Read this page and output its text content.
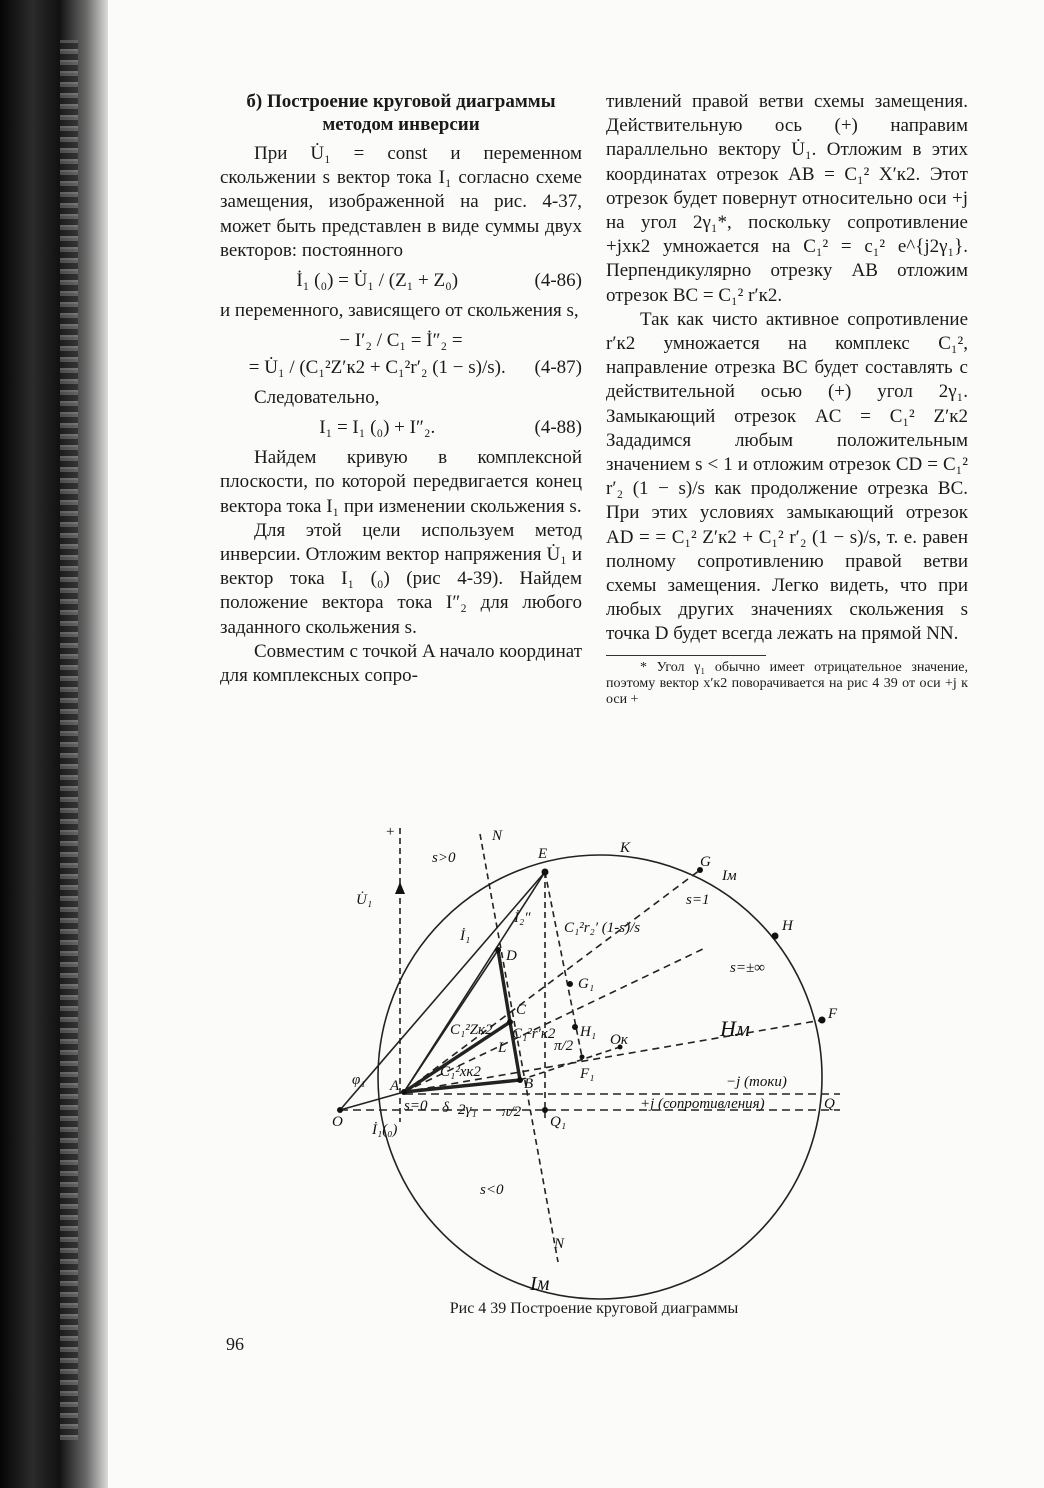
б) Построение круговой диаграммы методом инверсии

При U̇₁ = const и переменном скольжении s вектор тока I₁ согласно схеме замещения, изображенной на рис. 4-37, может быть представлен в виде суммы двух векторов: постоянного

İ₁ (₀) = U̇₁ / (Z₁ + Z₀)	(4-86)

и переменного, зависящего от скольжения s,

− I′₂ / C₁ = İ″₂ =
= U̇₁ / (C₁²Z′к2 + C₁²r′₂ (1 − s)/s).	(4-87)

Следовательно,

I₁ = I₁ (₀) + I″₂.	(4-88)

Найдем кривую в комплексной плоскости, по которой передвигается конец вектора тока I₁ при изменении скольжения s.

Для этой цели используем метод инверсии. Отложим вектор напряжения U̇₁ и вектор тока I₁ (₀) (рис 4-39). Найдем положение вектора тока I″₂ для любого заданного скольжения s.

Совместим с точкой A начало координат для комплексных сопро-

тивлений правой ветви схемы замещения. Действительную ось (+) направим параллельно вектору U̇₁. Отложим в этих координатах отрезок AB = C₁² X′к2. Этот отрезок будет повернут относительно оси +j на угол 2γ₁*, поскольку сопротивление +jxк2 умножается на C₁² = c₁² e^{j2γ₁}. Перпендикулярно отрезку AB отложим отрезок BC = C₁² r′к2.

Так как чисто активное сопротивление r′к2 умножается на комплекс C₁², направление отрезка BC будет составлять с действительной осью (+) угол 2γ₁. Замыкающий отрезок AC = C₁² Z′к2 Зададимся любым положительным значением s < 1 и отложим отрезок CD = C₁² r′₂ (1 − s)/s как продолжение отрезка BC. При этих условиях замыкающий отрезок AD = = C₁² Z′к2 + C₁² r′₂ (1 − s)/s, т. е. равен полному сопротивлению правой ветви схемы замещения. Легко видеть, что при любых других значениях скольжения s точка D будет всегда лежать на прямой NN.

* Угол γ₁ обычно имеет отрицательное значение, поэтому вектор x′к2 поворачивается на рис 4 39 от оси +j к оси +
+	N
s>0	E	K
G
Iм
s=1
H
s=±∞
F
U̇₁
İ₁
İ₂″
C₁²r₂′ (1-s)/s
D
G₁
C
C₁²Zк2 C₁²r′к2 H₁ Oк	Hм
π/2
L
C₁²xк2	F₁
φ₁ A	B	−j (токи)
s=0 δ 2γ₁ π/2	+j (сопротивления)	Q
O İ₁(₀)	Q₁
s<0
N
Iм
Рис 4 39 Построение круговой диаграммы
96
